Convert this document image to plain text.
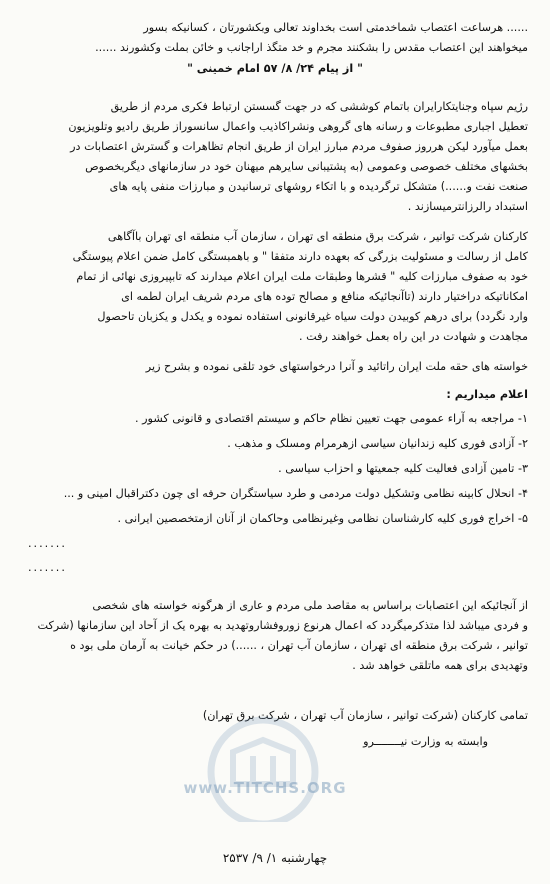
...... هرساعت اعتصاب شماخدمتی است بخداوند تعالی وبکشورتان ، کسانیکه بسور
میخواهند این اعتصاب مقدس را بشکنند مجرم و خد متگذ اراجانب و خائن بملت وکشورند ......
" از پیام ۲۴/ ۸/ ۵۷ امام خمینی "
رژیم سپاه وجنایتکارایران باتمام کوششی که در جهت گسستن ارتباط فکری مردم از طریق
تعطیل اجباری مطبوعات و رسانه های گروهی ونشراکاذیب واعمال سانسوراز طریق رادیو وتلویزیون
بعمل میآورد لیکن هرروز صفوف مردم مبارز ایران از طریق انجام تظاهرات و گسترش اعتصابات در
بخشهای مختلف خصوصی وعمومی (به پشتیبانی سایرهم میهنان خود در سازمانهای دیگربخصوص
صنعت نفت و......) متشکل ترگردیده و با اتکاء روشهای ترسانیدن و مبارزات منفی پایه های
استبداد رالرزانترمیسازند .
کارکنان شرکت توانیر ، شرکت برق منطقه ای تهران ، سازمان آب منطقه ای تهران باآگاهی
کامل از رسالت و مسئولیت بزرگی که بعهده دارند متفقا " و باهمبستگی کامل ضمن اعلام پیوستگی
خود به صفوف مبارزات کلیه " قشرها وطبقات ملت ایران اعلام میدارند که تابپیروزی نهائی از تمام
امکاناتیکه دراختیار دارند (تاآنجائیکه منافع و مصالح توده های مردم شریف ایران لطمه ای
وارد نگردد) برای درهم کوبیدن دولت سیاه غیرقانونی استفاده نموده و یکدل و یکزبان تاحصول
مجاهدت و شهادت در این راه بعمل خواهند رفت .
خواسته های حقه ملت ایران راتائید و آنرا درخواستهای خود تلقی نموده و بشرح زیر
اعلام میداریم :
۱- مراجعه به آراء عمومی جهت تعیین نظام حاکم و سیستم اقتصادی و قانونی کشور .
۲- آزادی فوری کلیه زندانیان سیاسی ازهرمرام ومسلک و مذهب .
۳- تامین آزادی فعالیت کلیه جمعیتها و احزاب سیاسی .
۴- انحلال کابینه نظامی وتشکیل دولت مردمی و طرد سیاستگران حرفه ای چون دکتراقبال امینی و ...
۵- اخراج فوری کلیه کارشناسان نظامی وغیرنظامی وحاکمان از آنان ازمتخصصین ایرانی .
.......
.......
از آنجائیکه این اعتصابات براساس به مقاصد ملی مردم و عاری از هرگونه خواسته های شخصی
و فردی میباشد لذا متذکرمیگردد که اعمال هرنوع زوروفشاروتهدید به بهره یک از آحاد این سازمانها (شرکت
توانیر ، شرکت برق منطقه ای تهران ، سازمان آب تهران ، ......) در حکم خیانت به آرمان ملی بود ه
وتهدیدی برای همه ماتلقی خواهد شد .
تمامی کارکنان (شرکت توانیر ، سازمان آب تهران ، شرکت برق تهران)
وابسته به وزارت نیــــــــرو
www.TITCHS.ORG
چهارشنبه ۱/ ۹/ ۲۵۳۷
